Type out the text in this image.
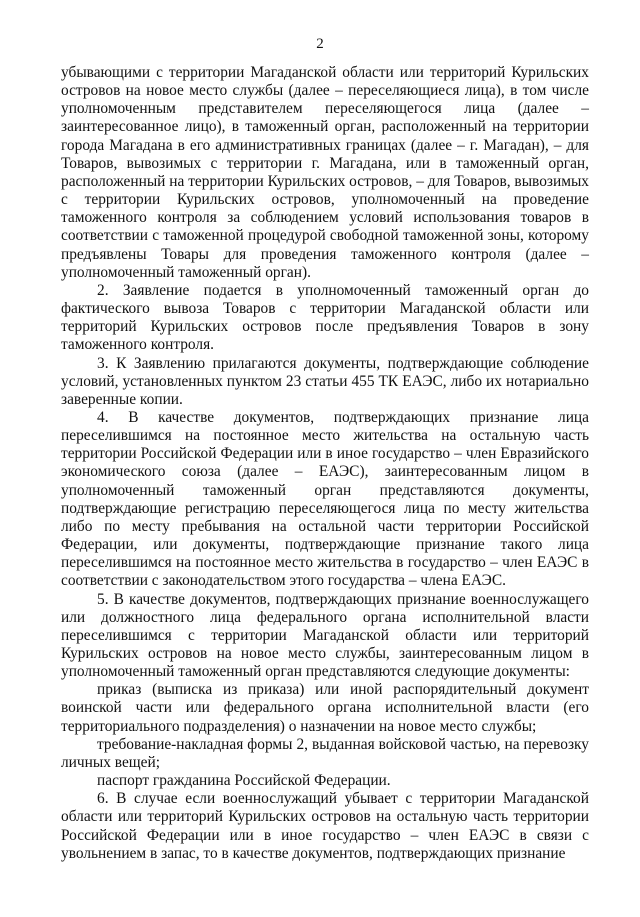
2

убывающими с территории Магаданской области или территорий Курильских островов на новое место службы (далее – переселяющиеся лица), в том числе уполномоченным представителем переселяющегося лица (далее – заинтересованное лицо), в таможенный орган, расположенный на территории города Магадана в его административных границах (далее – г. Магадан), – для Товаров, вывозимых с территории г. Магадана, или в таможенный орган, расположенный на территории Курильских островов, – для Товаров, вывозимых с территории Курильских островов, уполномоченный на проведение таможенного контроля за соблюдением условий использования товаров в соответствии с таможенной процедурой свободной таможенной зоны, которому предъявлены Товары для проведения таможенного контроля (далее – уполномоченный таможенный орган).

2. Заявление подается в уполномоченный таможенный орган до фактического вывоза Товаров с территории Магаданской области или территорий Курильских островов после предъявления Товаров в зону таможенного контроля.

3. К Заявлению прилагаются документы, подтверждающие соблюдение условий, установленных пунктом 23 статьи 455 ТК ЕАЭС, либо их нотариально заверенные копии.

4. В качестве документов, подтверждающих признание лица переселившимся на постоянное место жительства на остальную часть территории Российской Федерации или в иное государство – член Евразийского экономического союза (далее – ЕАЭС), заинтересованным лицом в уполномоченный таможенный орган представляются документы, подтверждающие регистрацию переселяющегося лица по месту жительства либо по месту пребывания на остальной части территории Российской Федерации, или документы, подтверждающие признание такого лица переселившимся на постоянное место жительства в государство – член ЕАЭС в соответствии с законодательством этого государства – члена ЕАЭС.

5. В качестве документов, подтверждающих признание военнослужащего или должностного лица федерального органа исполнительной власти переселившимся с территории Магаданской области или территорий Курильских островов на новое место службы, заинтересованным лицом в уполномоченный таможенный орган представляются следующие документы:

приказ (выписка из приказа) или иной распорядительный документ воинской части или федерального органа исполнительной власти (его территориального подразделения) о назначении на новое место службы;

требование-накладная формы 2, выданная войсковой частью, на перевозку личных вещей;

паспорт гражданина Российской Федерации.

6. В случае если военнослужащий убывает с территории Магаданской области или территорий Курильских островов на остальную часть территории Российской Федерации или в иное государство – член ЕАЭС в связи с увольнением в запас, то в качестве документов, подтверждающих признание
